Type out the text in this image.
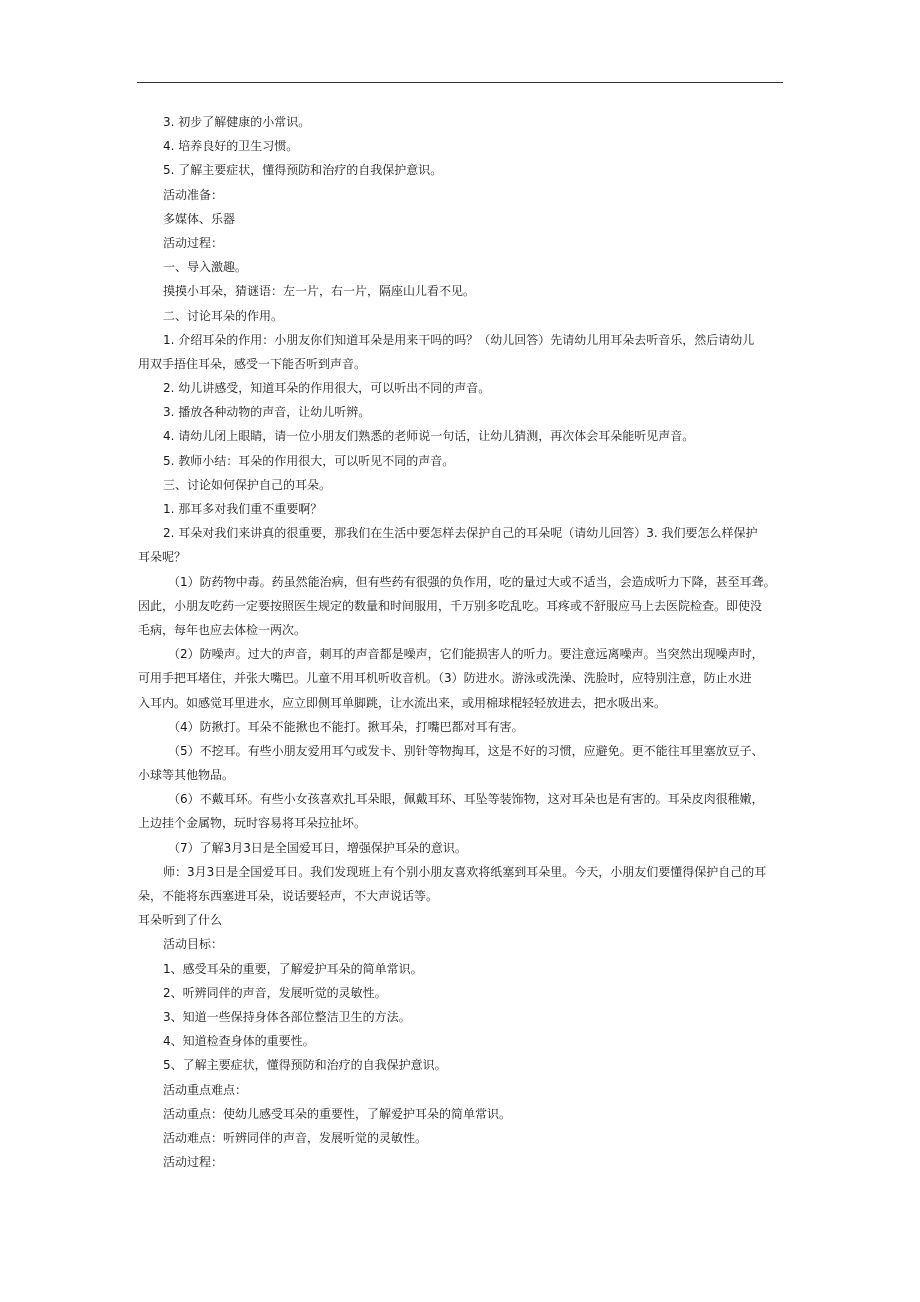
3. 初步了解健康的小常识。
4. 培养良好的卫生习惯。
5. 了解主要症状，懂得预防和治疗的自我保护意识。
活动准备：
多媒体、乐器
活动过程：
一、导入激趣。
摸摸小耳朵，猜谜语：左一片，右一片，隔座山儿看不见。
二、讨论耳朵的作用。
1. 介绍耳朵的作用：小朋友你们知道耳朵是用来干吗的吗？（幼儿回答）先请幼儿用耳朵去听音乐，然后请幼儿
用双手捂住耳朵，感受一下能否听到声音。
2. 幼儿讲感受，知道耳朵的作用很大，可以听出不同的声音。
3. 播放各种动物的声音，让幼儿听辨。
4. 请幼儿闭上眼睛，请一位小朋友们熟悉的老师说一句话，让幼儿猜测，再次体会耳朵能听见声音。
5. 教师小结：耳朵的作用很大，可以听见不同的声音。
三、讨论如何保护自己的耳朵。
1. 那耳多对我们重不重要啊？
2. 耳朵对我们来讲真的很重要，那我们在生活中要怎样去保护自己的耳朵呢（请幼儿回答）3. 我们要怎么样保护
耳朵呢？
（1）防药物中毒。药虽然能治病，但有些药有很强的负作用，吃的量过大或不适当，会造成听力下降，甚至耳聋。
因此，小朋友吃药一定要按照医生规定的数量和时间服用，千万别多吃乱吃。耳疼或不舒服应马上去医院检查。即使没
毛病，每年也应去体检一两次。
（2）防噪声。过大的声音，刺耳的声音都是噪声，它们能损害人的听力。要注意远离噪声。当突然出现噪声时，
可用手把耳堵住，并张大嘴巴。儿童不用耳机听收音机。（3）防进水。游泳或洗澡、洗脸时，应特别注意，防止水进
入耳内。如感觉耳里进水，应立即侧耳单脚跳，让水流出来，或用棉球棍轻轻放进去，把水吸出来。
（4）防揪打。耳朵不能揪也不能打。揪耳朵，打嘴巴都对耳有害。
（5）不挖耳。有些小朋友爱用耳勺或发卡、别针等物掏耳，这是不好的习惯，应避免。更不能往耳里塞放豆子、
小球等其他物品。
（6）不戴耳环。有些小女孩喜欢扎耳朵眼，佩戴耳环、耳坠等装饰物，这对耳朵也是有害的。耳朵皮肉很稚嫩，
上边挂个金属物，玩时容易将耳朵拉扯坏。
（7）了解3月3日是全国爱耳日，增强保护耳朵的意识。
师：3月3日是全国爱耳日。我们发现班上有个别小朋友喜欢将纸塞到耳朵里。今天，小朋友们要懂得保护自己的耳
朵，不能将东西塞进耳朵，说话要轻声，不大声说话等。
耳朵听到了什么
活动目标：
1、感受耳朵的重要，了解爱护耳朵的简单常识。
2、听辨同伴的声音，发展听觉的灵敏性。
3、知道一些保持身体各部位整洁卫生的方法。
4、知道检查身体的重要性。
5、了解主要症状，懂得预防和治疗的自我保护意识。
活动重点难点：
活动重点：使幼儿感受耳朵的重要性，了解爱护耳朵的简单常识。
活动难点：听辨同伴的声音，发展听觉的灵敏性。
活动过程：
